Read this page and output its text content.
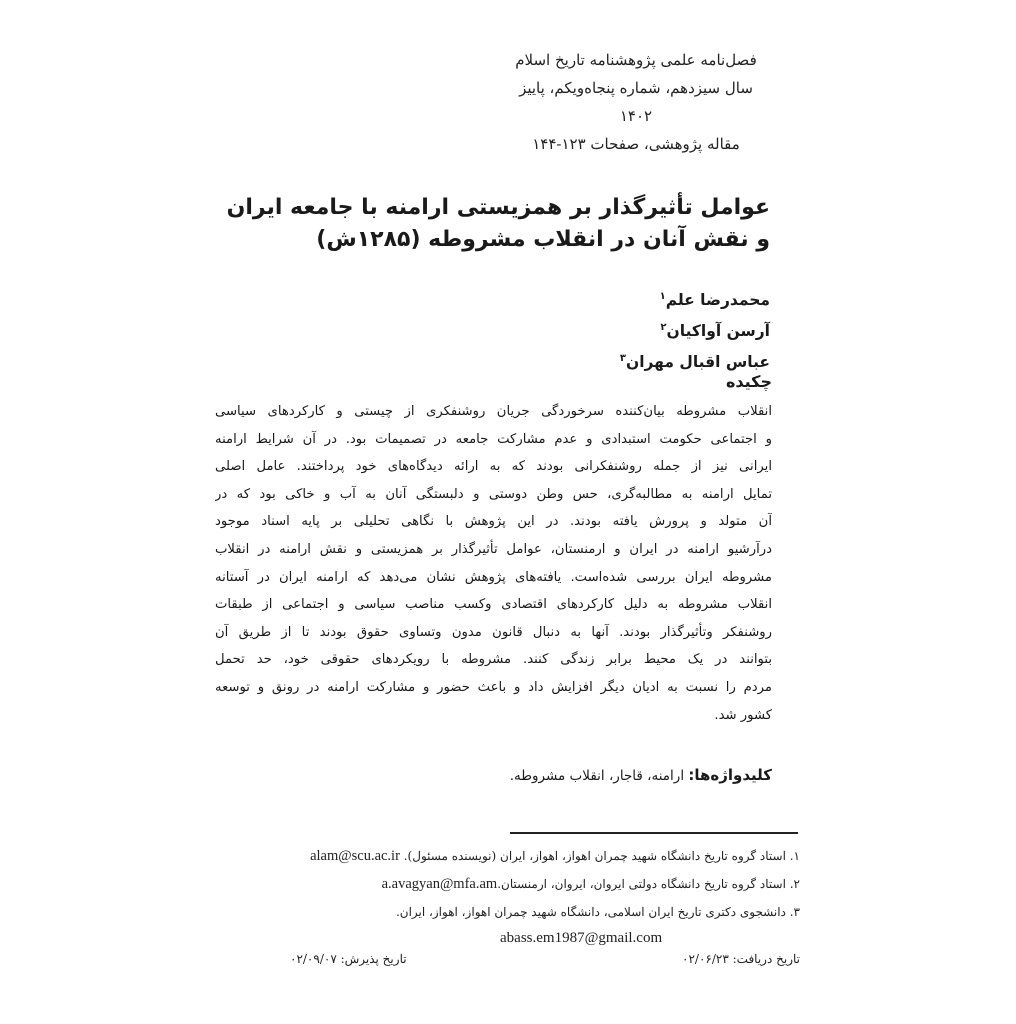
فصل‌نامه علمی پژوهشنامه تاریخ اسلام
سال سیزدهم، شماره پنجاه‌ویکم، پاییز ۱۴۰۲
مقاله پژوهشی، صفحات ۱۲۳-۱۴۴
عوامل تأثیرگذار بر همزیستی ارامنه با جامعه ایران
و نقش آنان در انقلاب مشروطه (۱۲۸۵ش)
محمدرضا علم$^۱$
آرسن آواکیان$^۲$
عباس اقبال مهران$^۳$
چکیده
انقلاب مشروطه بیان‌کننده سرخوردگی جریان روشنفکری از چیستی و کارکردهای سیاسی
و اجتماعی حکومت استبدادی و عدم مشارکت جامعه در تصمیمات بود. در آن شرایط ارامنه
ایرانی نیز از جمله روشنفکرانی بودند که به ارائه دیدگاه‌های خود پرداختند. عامل اصلی
تمایل ارامنه به مطالبه‌گری، حس وطن دوستی و دلبستگی آنان به آب و خاکی بود که در
آن متولد و پرورش یافته بودند. در این پژوهش با نگاهی تحلیلی بر پایه اسناد موجود
درآرشیو ارامنه در ایران و ارمنستان، عوامل تأثیرگذار بر همزیستی و نقش ارامنه در انقلاب
مشروطه ایران بررسی شده‌است. یافته‌های پژوهش نشان می‌دهد که ارامنه ایران در آستانه
انقلاب مشروطه به دلیل کارکردهای اقتصادی وکسب مناصب سیاسی و اجتماعی از طبقات
روشنفکر وتأثیرگذار بودند. آنها به دنبال قانون مدون وتساوی حقوق بودند تا از طریق آن
بتوانند در یک محیط برابر زندگی کنند. مشروطه با رویکردهای حقوقی خود، حد تحمل
مردم را نسبت به ادیان دیگر افزایش داد و باعث حضور و مشارکت ارامنه در رونق و توسعه
کشور شد.
کلیدواژه‌ها: ارامنه، قاجار، انقلاب مشروطه.
۱. استاد گروه تاریخ دانشگاه شهید چمران اهواز، اهواز، ایران (نویسنده مسئول). alam@scu.ac.ir
۲. استاد گروه تاریخ دانشگاه دولتی ایروان، ایروان، ارمنستان.a.avagyan@mfa.am
۳. دانشجوی دکتری تاریخ ایران اسلامی، دانشگاه شهید چمران اهواز، اهواز، ایران.
abass.em1987@gmail.com
تاریخ دریافت: ۰۲/۰۶/۲۳
تاریخ پذیرش: ۰۲/۰۹/۰۷
